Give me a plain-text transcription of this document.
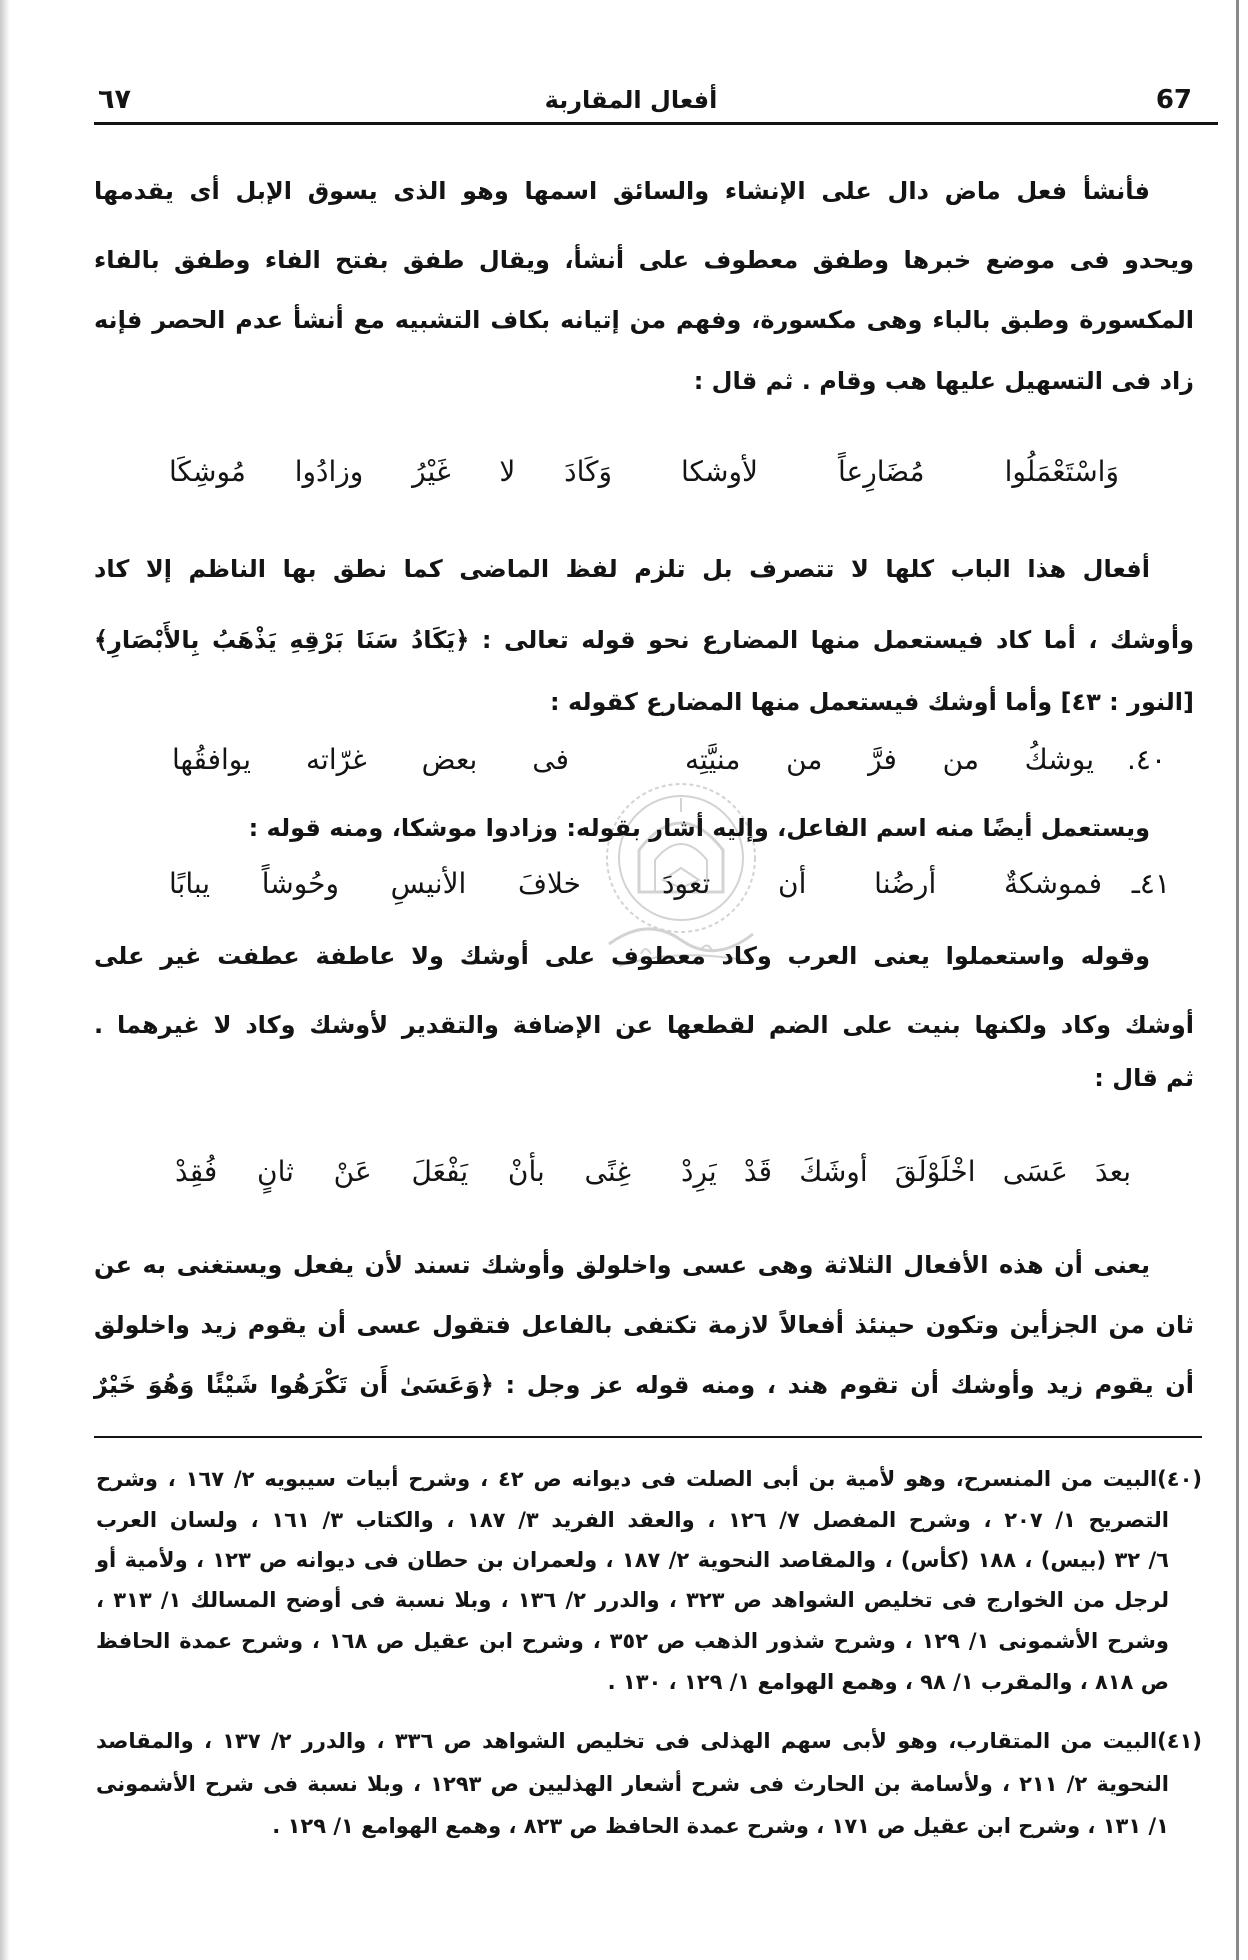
٦٧	أفعال المقاربة	67
فأنشأ فعل ماض دال على الإنشاء والسائق اسمها وهو الذى يسوق الإبل أى يقدمها
ويحدو فى موضع خبرها وطفق معطوف على أنشأ، ويقال طفق بفتح الفاء وطفق بالفاء
المكسورة وطبق بالباء وهى مكسورة، وفهم من إتيانه بكاف التشبيه مع أنشأ عدم الحصر فإنه
زاد فى التسهيل عليها هب وقام . ثم قال :
وَاسْتَعْمَلُوا مُضَارِعاً لأوشكا
وَكَادَ لا غَيْرُ وزادُوا مُوشِكَا
أفعال هذا الباب كلها لا تتصرف بل تلزم لفظ الماضى كما نطق بها الناظم إلا كاد
وأوشك ، أما كاد فيستعمل منها المضارع نحو قوله تعالى : ﴿يَكَادُ سَنَا بَرْقِهِ يَذْهَبُ بِالأَبْصَارِ﴾
[النور : ٤٣] وأما أوشك فيستعمل منها المضارع كقوله :
٤٠.
يوشكُ من فرَّ من منيَّتِه
فى بعض غرّاته يوافقُها
ويستعمل أيضًا منه اسم الفاعل، وإليه أشار بقوله: وزادوا موشكا، ومنه قوله :
٤١ـ
فموشكةٌ أرضُنا أن تعودَ
خلافَ الأنيسِ وحُوشاً يبابًا
وقوله واستعملوا يعنى العرب وكاد معطوف على أوشك ولا عاطفة عطفت غير على
أوشك وكاد ولكنها بنيت على الضم لقطعها عن الإضافة والتقدير لأوشك وكاد لا غيرهما .
ثم قال :
بعدَ عَسَى اخْلَوْلَقَ أوشَكَ قَدْ يَرِدْ
غِنًى بأنْ يَفْعَلَ عَنْ ثانٍ فُقِدْ
يعنى أن هذه الأفعال الثلاثة وهى عسى واخلولق وأوشك تسند لأن يفعل ويستغنى به عن
ثان من الجزأين وتكون حينئذ أفعالاً لازمة تكتفى بالفاعل فتقول عسى أن يقوم زيد واخلولق
أن يقوم زيد وأوشك أن تقوم هند ، ومنه قوله عز وجل : ﴿وَعَسَىٰ أَن تَكْرَهُوا شَيْئًا وَهُوَ خَيْرٌ
(٤٠)البيت من المنسرح، وهو لأمية بن أبى الصلت فى ديوانه ص ٤٢ ، وشرح أبيات سيبويه ٢/ ١٦٧ ، وشرح
التصريح ١/ ٢٠٧ ، وشرح المفصل ٧/ ١٢٦ ، والعقد الفريد ٣/ ١٨٧ ، والكتاب ٣/ ١٦١ ، ولسان العرب
٦/ ٣٢ (بيس) ، ١٨٨ (كأس) ، والمقاصد النحوية ٢/ ١٨٧ ، ولعمران بن حطان فى ديوانه ص ١٢٣ ، ولأمية أو
لرجل من الخوارج فى تخليص الشواهد ص ٣٢٣ ، والدرر ٢/ ١٣٦ ، وبلا نسبة فى أوضح المسالك ١/ ٣١٣ ،
وشرح الأشمونى ١/ ١٢٩ ، وشرح شذور الذهب ص ٣٥٢ ، وشرح ابن عقيل ص ١٦٨ ، وشرح عمدة الحافظ
ص ٨١٨ ، والمقرب ١/ ٩٨ ، وهمع الهوامع ١/ ١٢٩ ، ١٣٠ .
(٤١)البيت من المتقارب، وهو لأبى سهم الهذلى فى تخليص الشواهد ص ٣٣٦ ، والدرر ٢/ ١٣٧ ، والمقاصد
النحوية ٢/ ٢١١ ، ولأسامة بن الحارث فى شرح أشعار الهذليين ص ١٢٩٣ ، وبلا نسبة فى شرح الأشمونى
١/ ١٣١ ، وشرح ابن عقيل ص ١٧١ ، وشرح عمدة الحافظ ص ٨٢٣ ، وهمع الهوامع ١/ ١٢٩ .
